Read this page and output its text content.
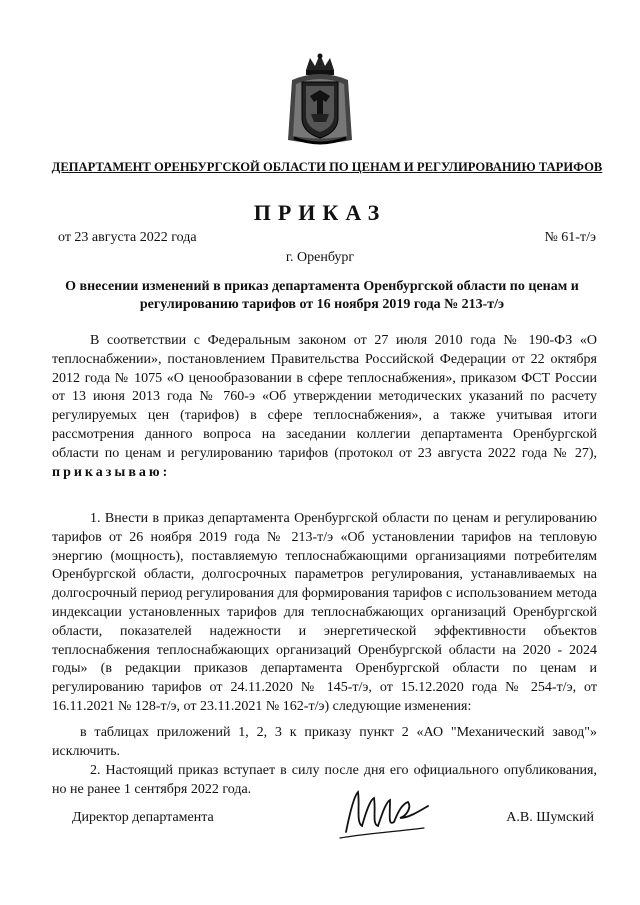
ДЕПАРТАМЕНТ ОРЕНБУРГСКОЙ ОБЛАСТИ ПО ЦЕНАМ И РЕГУЛИРОВАНИЮ ТАРИФОВ
ПРИКАЗ
от 23 августа 2022 года	№ 61-т/э
г. Оренбург
О внесении изменений в приказ департамента Оренбургской области по ценам и регулированию тарифов от 16 ноября 2019 года № 213-т/э
В соответствии с Федеральным законом от 27 июля 2010 года № 190-ФЗ «О теплоснабжении», постановлением Правительства Российской Федерации от 22 октября 2012 года № 1075 «О ценообразовании в сфере теплоснабжения», приказом ФСТ России от 13 июня 2013 года № 760-э «Об утверждении методических указаний по расчету регулируемых цен (тарифов) в сфере теплоснабжения», а также учитывая итоги рассмотрения данного вопроса на заседании коллегии департамента Оренбургской области по ценам и регулированию тарифов (протокол от 23 августа 2022 года № 27), приказываю:
1. Внести в приказ департамента Оренбургской области по ценам и регулированию тарифов от 26 ноября 2019 года № 213-т/э «Об установлении тарифов на тепловую энергию (мощность), поставляемую теплоснабжающими организациями потребителям Оренбургской области, долгосрочных параметров регулирования, устанавливаемых на долгосрочный период регулирования для формирования тарифов с использованием метода индексации установленных тарифов для теплоснабжающих организаций Оренбургской области, показателей надежности и энергетической эффективности объектов теплоснабжения теплоснабжающих организаций Оренбургской области на 2020 - 2024 годы» (в редакции приказов департамента Оренбургской области по ценам и регулированию тарифов от 24.11.2020 № 145-т/э, от 15.12.2020 года № 254-т/э, от 16.11.2021 № 128-т/э, от 23.11.2021 № 162-т/э) следующие изменения:
в таблицах приложений 1, 2, 3 к приказу пункт 2 «АО "Механический завод"» исключить.
2. Настоящий приказ вступает в силу после дня его официального опубликования, но не ранее 1 сентября 2022 года.
Директор департамента	А.В. Шумский
